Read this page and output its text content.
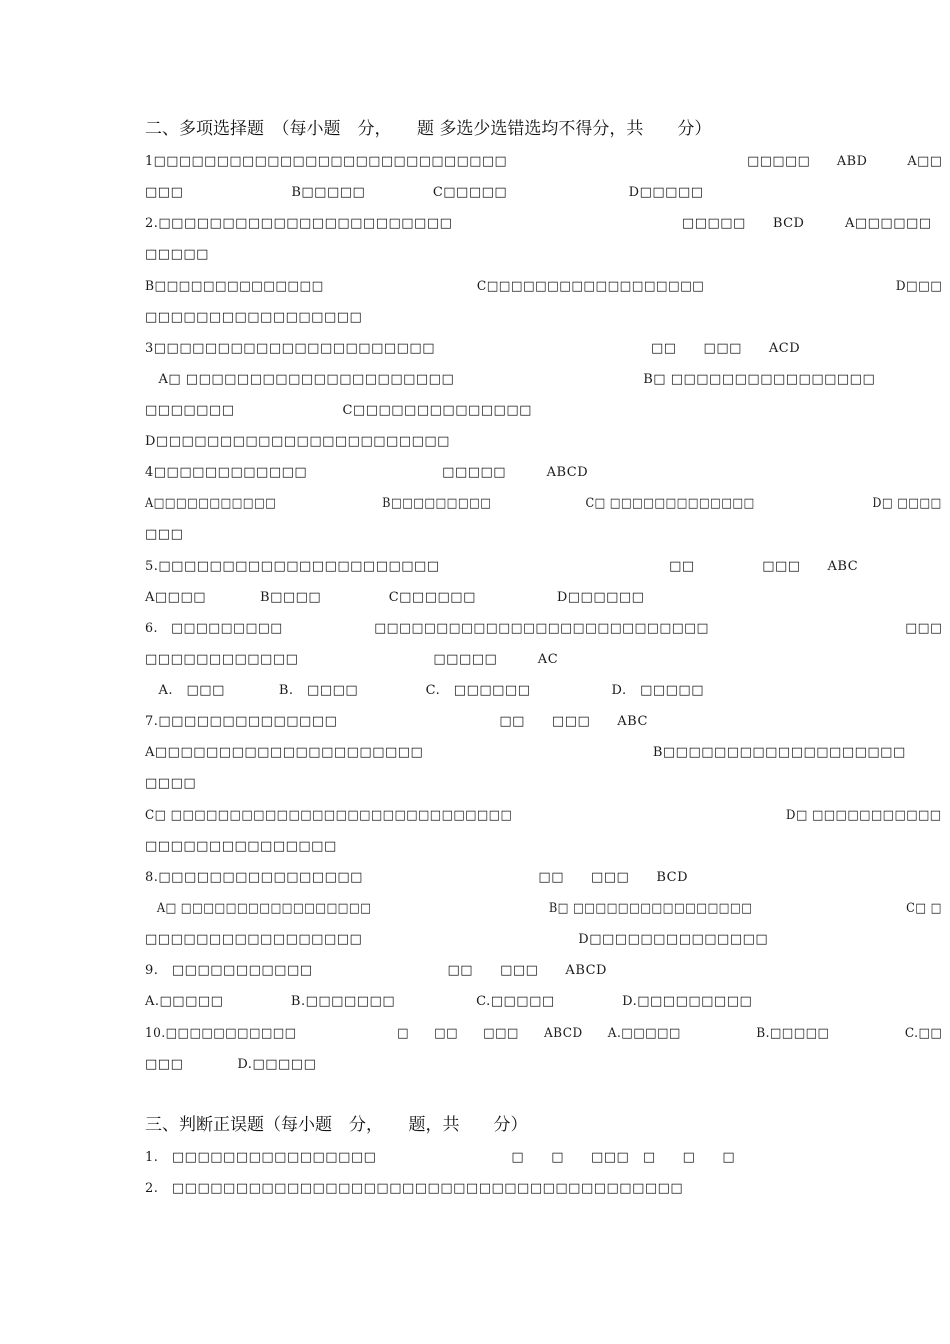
二、多项选择题　（每小题　分，　　题 多选少选错选均不得分，共　　分）
1□□□□□□□□□□□□□□□□□□□□□□□□□□□□　　　　　　　　　　　　　　　　　　□□□□□　　ABD　　　A□□
□□□　　　　　　　　B□□□□□　　　　　C□□□□□　　　　　　　　　D□□□□□
2.□□□□□□□□□□□□□□□□□□□□□□□　　　　　　　　　　　　　　　　　□□□□□　　BCD　　　A□□□□□□
□□□□□
B□□□□□□□□□□□□□□　　　　　　　　　　　　C□□□□□□□□□□□□□□□□□□　　　　　　　　　　　　　　　D□□□
□□□□□□□□□□□□□□□□□
3□□□□□□□□□□□□□□□□□□□□□□　　　　　　　　　　　　　　　　□□　　□□□　　ACD
　A□ □□□□□□□□□□□□□□□□□□□□□　　　　　　　　　　　　　　B□ □□□□□□□□□□□□□□□□
□□□□□□□　　　　　　　　C□□□□□□□□□□□□□□
D□□□□□□□□□□□□□□□□□□□□□□□
4□□□□□□□□□□□□　　　　　　　　　　□□□□□　　　ABCD
A□□□□□□□□□□□　　　　　　　　　B□□□□□□□□□　　　　　　　　C□ □□□□□□□□□□□□□　　　　　　　　　　D□ □□□□
□□□
5.□□□□□□□□□□□□□□□□□□□□□□　　　　　　　　　　　　　　　　　□□　　　　　□□□　　ABC
A□□□□　　　　B□□□□　　　　　C□□□□□□　　　　　　D□□□□□□
6.　□□□□□□□□□　　　　　　　□□□□□□□□□□□□□□□□□□□□□□□□□□□　　　　　　　　　　　　　　　□□□
□□□□□□□□□□□□　　　　　　　　　　□□□□□　　　AC
　A.　□□□　　　　B.　□□□□　　　　　C.　□□□□□□　　　　　　D.　□□□□□
7.□□□□□□□□□□□□□□　　　　　　　　　　　　□□　　□□□　　ABC
A□□□□□□□□□□□□□□□□□□□□□　　　　　　　　　　　　　　　　　B□□□□□□□□□□□□□□□□□□□
□□□□
C□ □□□□□□□□□□□□□□□□□□□□□□□□□□□□□　　　　　　　　　　　　　　　　　　　　　　D□ □□□□□□□□□□□
□□□□□□□□□□□□□□□
8.□□□□□□□□□□□□□□□□　　　　　　　　　　　　　□□　　□□□　　BCD
　A□ □□□□□□□□□□□□□□□□□　　　　　　　　　　　　　　　B□ □□□□□□□□□□□□□□□□　　　　　　　　　　　　　C□ □
□□□□□□□□□□□□□□□□□　　　　　　　　　　　　　　　　D□□□□□□□□□□□□□□
9.　□□□□□□□□□□□　　　　　　　　　　□□　　□□□　　ABCD
A.□□□□□　　　　　B.□□□□□□□　　　　　　C.□□□□□　　　　　D.□□□□□□□□□
10.□□□□□□□□□□□　　　　　　　　□　　□□　　□□□　　ABCD　　A.□□□□□　　　　　　B.□□□□□　　　　　　C.□□
□□□　　　　D.□□□□□
三、判断正误题（每小题　分，　　题，共　　分）
1.　□□□□□□□□□□□□□□□□　　　　　　　　　　□　　□　　□□□　□　　□　　□
2.　□□□□□□□□□□□□□□□□□□□□□□□□□□□□□□□□□□□□□□□□
